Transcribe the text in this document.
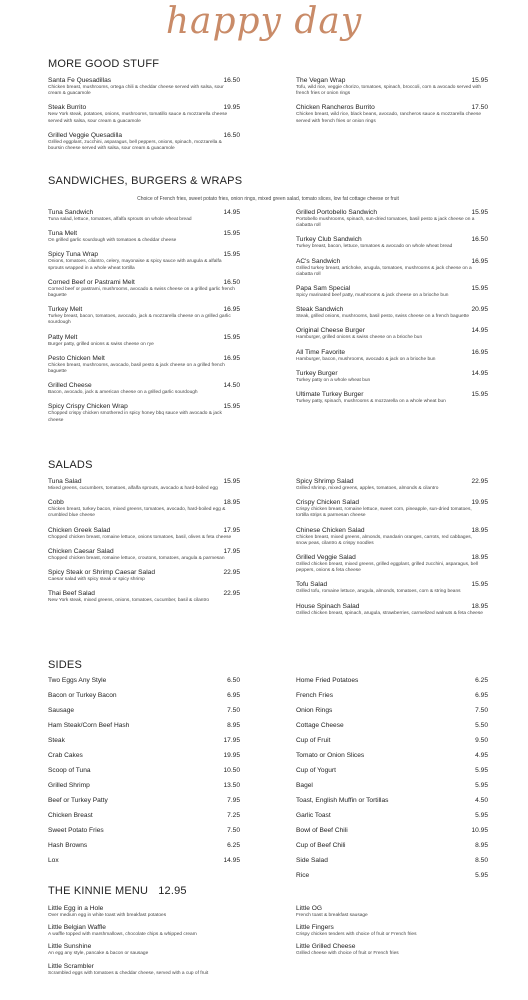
happy day
MORE GOOD STUFF
Santa Fe Quesadillas	16.50
Chicken breast, mushrooms, ortega chili & cheddar cheese served with salsa, sour cream & guacamole
Steak Burrito	19.95
New York steak, potatoes, onions, mushrooms, tomatillo sauce & mozzarella cheese served with salsa, sour cream & guacamole
Grilled Veggie Quesadilla	16.50
Grilled eggplant, zucchini, asparagus, bell peppers, onions, spinach, mozzarella & boursin cheese served with salsa, sour cream & guacamole
The Vegan Wrap	15.95
Tofu, wild rice, veggie chorizo, tomatoes, spinach, broccoli, corn & avocado served with french fries or onion rings
Chicken Rancheros Burrito	17.50
Chicken breast, wild rice, black beans, avocado, rancheros sauce & mozzarella cheese served with french fries or onion rings
SANDWICHES, BURGERS & WRAPS
Choice of French fries, sweet potato fries, onion rings, mixed green salad, tomato slices, low fat cottage cheese or fruit
Tuna Sandwich	14.95
Tuna salad, lettuce, tomatoes, alfalfa sprouts on whole wheat bread
Tuna Melt	15.95
On grilled garlic sourdough with tomatoes & cheddar cheese
Spicy Tuna Wrap	15.95
Onions, tomatoes, cilantro, celery, mayonaise & spicy sauce with arugula & alfalfa sprouts wrapped in a whole wheat tortilla
Corned Beef or Pastrami Melt	16.50
Corned beef or pastrami, mushrooms, avocado & swiss cheese on a grilled garlic french baguette
Turkey Melt	16.95
Turkey breast, bacon, tomatoes, avocado, jack & mozzarella cheese on a grilled garlic sourdough
Patty Melt	15.95
Burger patty, grilled onions & swiss cheese on rye
Pesto Chicken Melt	16.95
Chicken breast, mushrooms, avocado, basil pesto & jack cheese on a grilled french baguette
Grilled Cheese	14.50
Bacon, avocado, jack & american cheese on a grilled garlic sourdough
Spicy Crispy Chicken Wrap	15.95
Chopped crispy chicken smothered in spicy honey bbq sauce with avocado & jack cheese
Grilled Portobello Sandwich	15.95
Portobello mushrooms, spinach, sun-dried tomatoes, basil pesto & jack cheese on a ciabatta roll
Turkey Club Sandwich	16.50
Turkey breast, bacon, lettuce, tomatoes & avocado on whole wheat bread
AC's Sandwich	16.95
Grilled turkey breast, artichoke, arugula, tomatoes, mushrooms & jack cheese on a ciabatta roll
Papa Sam Special	15.95
Spicy marinated beef patty, mushrooms & jack cheese on a brioche bun
Steak Sandwich	20.95
Steak, grilled onions, mushrooms, basil pesto, swiss cheese on a french baguette
Original Cheese Burger	14.95
Hamburger, grilled onions & swiss cheese on a brioche bun
All Time Favorite	16.95
Hamburger, bacon, mushrooms, avocado & jack on a brioche bun
Turkey Burger	14.95
Turkey patty on a whole wheat bun
Ultimate Turkey Burger	15.95
Turkey patty, spinach, mushrooms & mozzarella on a whole wheat bun
SALADS
Tuna Salad	15.95
Mixed greens, cucumbers, tomatoes, alfalfa sprouts, avocado & hard-boiled egg
Cobb	18.95
Chicken breast, turkey bacon, mixed greens, tomatoes, avocado, hard-boiled egg & crumbled blue cheese
Chicken Greek Salad	17.95
Chopped chicken breast, romaine lettuce, onions tomatoes, basil, olives & feta cheese
Chicken Caesar Salad	17.95
Chopped chicken breast, romaine lettuce, croutons, tomatoes, arugula & parmesan
Spicy Steak or Shrimp Caesar Salad	22.95
Caesar salad with spicy steak or spicy shrimp
Thai Beef Salad	22.95
New York steak, mixed greens, onions, tomatoes, cucumber, basil & cilantro
Spicy Shrimp Salad	22.95
Grilled shrimp, mixed greens, apples, tomatoes, almonds & cilantro
Crispy Chicken Salad	19.95
Crispy chicken breast, romaine lettuce, sweet corn, pineapple, sun-dried tomatoes, tortilla strips & parmesan cheese
Chinese Chicken Salad	18.95
Chicken breast, mixed greens, almonds, mandarin oranges, carrots, red cabbages, snow peas, cilantro & crispy noodles
Grilled Veggie Salad	18.95
Grilled chicken breast, mixed greens, grilled eggplant, grilled zucchini, asparagus, bell peppers, onions & feta cheese
Tofu Salad	15.95
Grilled tofu, romaine lettuce, arugula, almonds, tomatoes, corn & string beans
House Spinach Salad	18.95
Grilled chicken breast, spinach, arugula, strawberries, carmelized walnuts & feta cheese
SIDES
Two Eggs Any Style	6.50
Bacon or Turkey Bacon	6.95
Sausage	7.50
Ham Steak/Corn Beef Hash	8.95
Steak	17.95
Crab Cakes	19.95
Scoop of Tuna	10.50
Grilled Shrimp	13.50
Beef or Turkey Patty	7.95
Chicken Breast	7.25
Sweet Potato Fries	7.50
Hash Browns	6.25
Lox	14.95
Home Fried Potatoes	6.25
French Fries	6.95
Onion Rings	7.50
Cottage Cheese	5.50
Cup of Fruit	9.50
Tomato or Onion Slices	4.95
Cup of Yogurt	5.95
Bagel	5.95
Toast, English Muffin or Tortillas	4.50
Garlic Toast	5.95
Bowl of Beef Chili	10.95
Cup of Beef Chili	8.95
Side Salad	8.50
Rice	5.95
THE KINNIE MENU 12.95
Little Egg in a Hole
Over medium egg in white toast with breakfast potatoes
Little Belgian Waffle
A waffle topped with marshmallows, chocolate chips & whipped cream
Little Sunshine
An egg any style, pancake & bacon or sausage
Little Scrambler
Scrambled eggs with tomatoes & cheddar cheese, served with a cup of fruit
Little OG
French toast & breakfast sausage
Little Fingers
Crispy chicken tenders with choice of fruit or French fries
Little Grilled Cheese
Grilled cheese with choice of fruit or French fries
